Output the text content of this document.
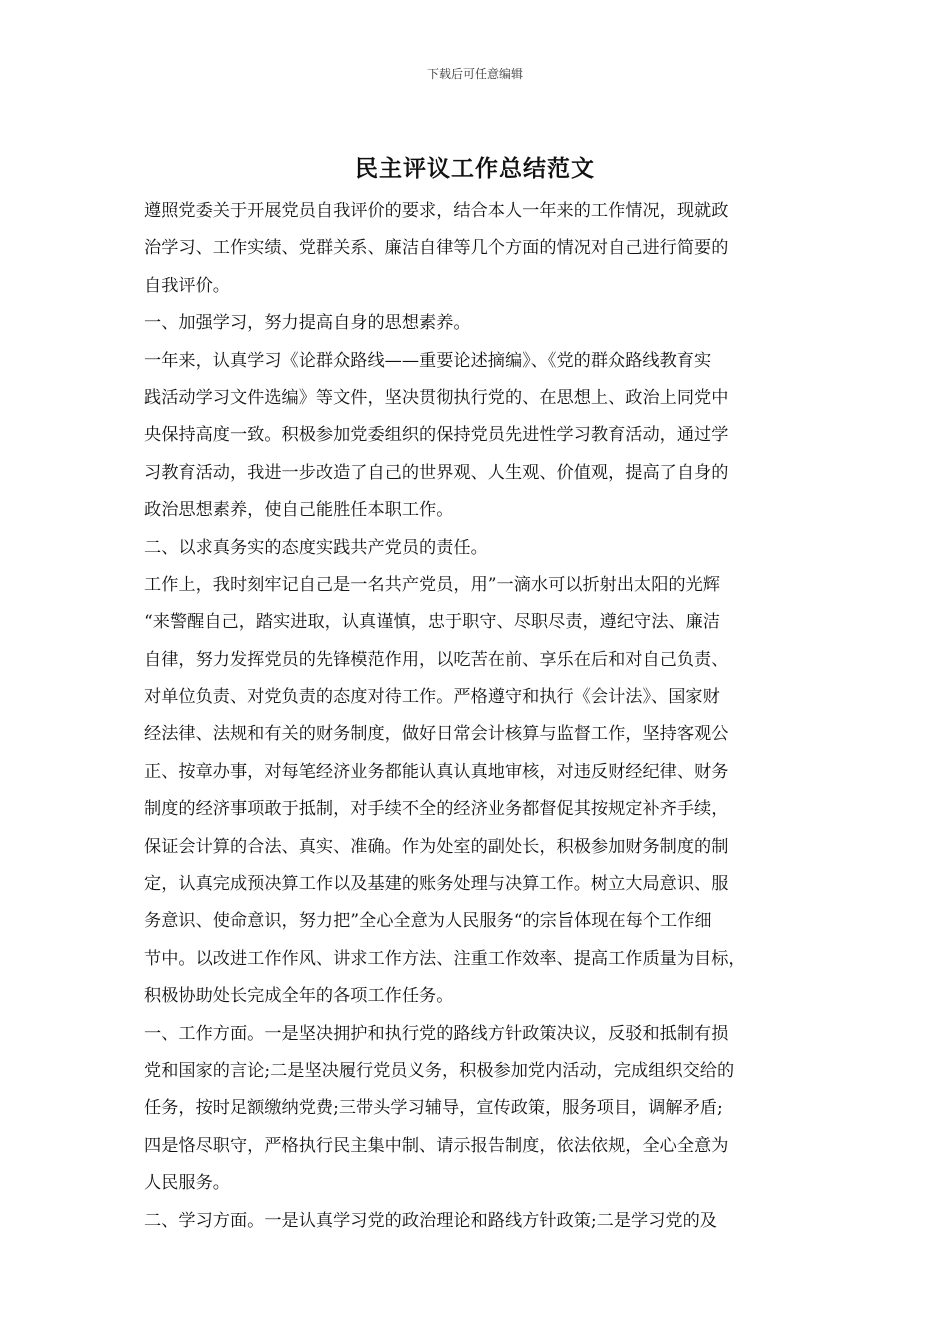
下载后可任意编辑
民主评议工作总结范文
遵照党委关于开展党员自我评价的要求，结合本人一年来的工作情况，现就政
治学习、工作实绩、党群关系、廉洁自律等几个方面的情况对自己进行简要的
自我评价。
一、加强学习，努力提高自身的思想素养。
一年来，认真学习《论群众路线——重要论述摘编》、《党的群众路线教育实
践活动学习文件选编》等文件，坚决贯彻执行党的、在思想上、政治上同党中
央保持高度一致。积极参加党委组织的保持党员先进性学习教育活动，通过学
习教育活动，我进一步改造了自己的世界观、人生观、价值观，提高了自身的
政治思想素养，使自己能胜任本职工作。
二、以求真务实的态度实践共产党员的责任。
工作上，我时刻牢记自己是一名共产党员，用”一滴水可以折射出太阳的光辉
“来警醒自己，踏实进取，认真谨慎，忠于职守、尽职尽责，遵纪守法、廉洁
自律，努力发挥党员的先锋模范作用，以吃苦在前、享乐在后和对自己负责、
对单位负责、对党负责的态度对待工作。严格遵守和执行《会计法》、国家财
经法律、法规和有关的财务制度，做好日常会计核算与监督工作，坚持客观公
正、按章办事，对每笔经济业务都能认真认真地审核，对违反财经纪律、财务
制度的经济事项敢于抵制，对手续不全的经济业务都督促其按规定补齐手续，
保证会计算的合法、真实、准确。作为处室的副处长，积极参加财务制度的制
定，认真完成预决算工作以及基建的账务处理与决算工作。树立大局意识、服
务意识、使命意识，努力把”全心全意为人民服务“的宗旨体现在每个工作细
节中。以改进工作作风、讲求工作方法、注重工作效率、提高工作质量为目标，
积极协助处长完成全年的各项工作任务。
一、工作方面。一是坚决拥护和执行党的路线方针政策决议，反驳和抵制有损
党和国家的言论;二是坚决履行党员义务，积极参加党内活动，完成组织交给的
任务，按时足额缴纳党费;三带头学习辅导，宣传政策，服务项目，调解矛盾;
四是恪尽职守，严格执行民主集中制、请示报告制度，依法依规，全心全意为
人民服务。
二、学习方面。一是认真学习党的政治理论和路线方针政策;二是学习党的及
